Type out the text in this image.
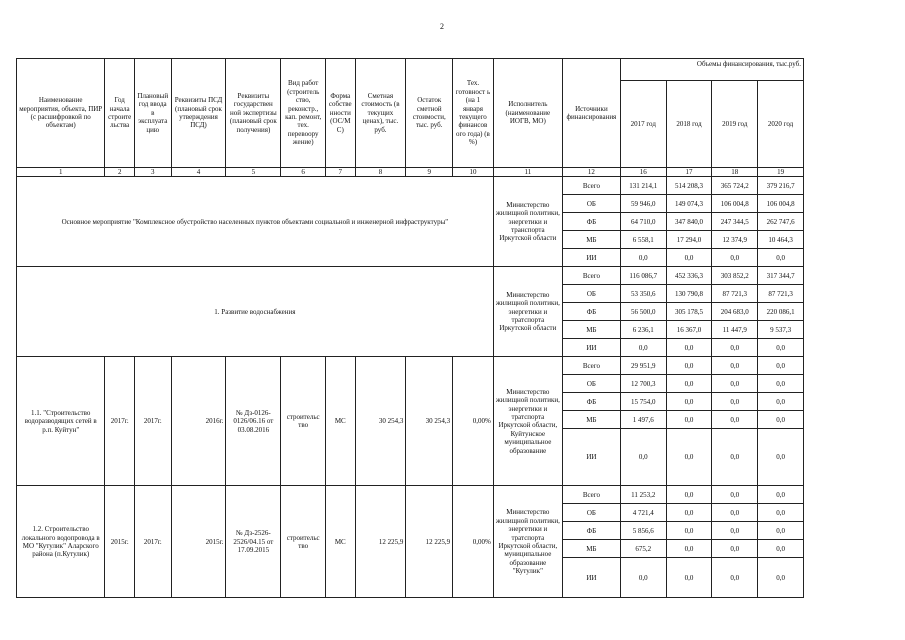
2
Наименование мероприятия, объекта, ПИР (с расшифровкой по объектам)	Год начала строите льства	Плановый год ввода в эксплуата цию	Реквизиты ПСД (плановый срок утверждения ПСД)	Реквизиты государствен ной экспертизы (плановый срок получения)	Вид работ (строитель ство, реконстр., кап. ремонт, тех. перевоору жение)	Форма собстве нности (ОС/М С)	Сметная стоимость (в текущих ценах), тыс. руб.	Остаток сметной стоимости, тыс. руб.	Тех. готовност ь (на 1 января текущего финансов ого года) (в %)	Исполнитель (наименование ИОГВ, МО)	Источники финансирования	Объемы финансирования, тыс.руб.			
												2017 год	2018 год	2019 год	2020 год
1	2	3	4	5	6	7	8	9	10	11	12	16	17	18	19
Основное мероприятие "Комплексное обустройство населенных пунктов объектами социальной и инженерной инфраструктуры"										Министерство жилищной политики, энергетики и транспорта Иркутской области	Всего	131 214,1	514 208,3	365 724,2	379 216,7
											ОБ	59 946,0	149 074,3	106 004,8	106 004,8
											ФБ	64 710,0	347 840,0	247 344,5	262 747,6
											МБ	6 558,1	17 294,0	12 374,9	10 464,3
											ИИ	0,0	0,0	0,0	0,0
1. Развитие водоснабжения										Министерство жилищной политики, энергетики и тратспорта Иркутской области	Всего	116 086,7	452 336,3	303 852,2	317 344,7
											ОБ	53 350,6	130 790,8	87 721,3	87 721,3
											ФБ	56 500,0	305 178,5	204 683,0	220 086,1
											МБ	6 236,1	16 367,0	11 447,9	9 537,3
											ИИ	0,0	0,0	0,0	0,0
1.1. "Строительство водоразводящих сетей в р.п. Куйтун"	2017г.	2017г.	2016г.	№ Дз-0126-0126/06.16 от 03.08.2016	строительс тво	МС	30 254,3	30 254,3	0,00%	Министерство жилищной политики, энергетики и тратспорта Иркутской области, Куйтунское муниципальное образование	Всего	29 951,9	0,0	0,0	0,0
											ОБ	12 700,3	0,0	0,0	0,0
											ФБ	15 754,0	0,0	0,0	0,0
											МБ	1 497,6	0,0	0,0	0,0
											ИИ	0,0	0,0	0,0	0,0
1.2. Строительство локального водопровода в МО "Кутулик" Аларского района (п.Кутулик)	2015г.	2017г.	2015г.	№ Дз-2526-2526/04.15 от 17.09.2015	строительс тво	МС	12 225,9	12 225,9	0,00%	Министерство жилищной политики, энергетики и тратспорта Иркутской области, муниципальное образование "Кутулик"	Всего	11 253,2	0,0	0,0	0,0
											ОБ	4 721,4	0,0	0,0	0,0
											ФБ	5 856,6	0,0	0,0	0,0
											МБ	675,2	0,0	0,0	0,0
											ИИ	0,0	0,0	0,0	0,0
